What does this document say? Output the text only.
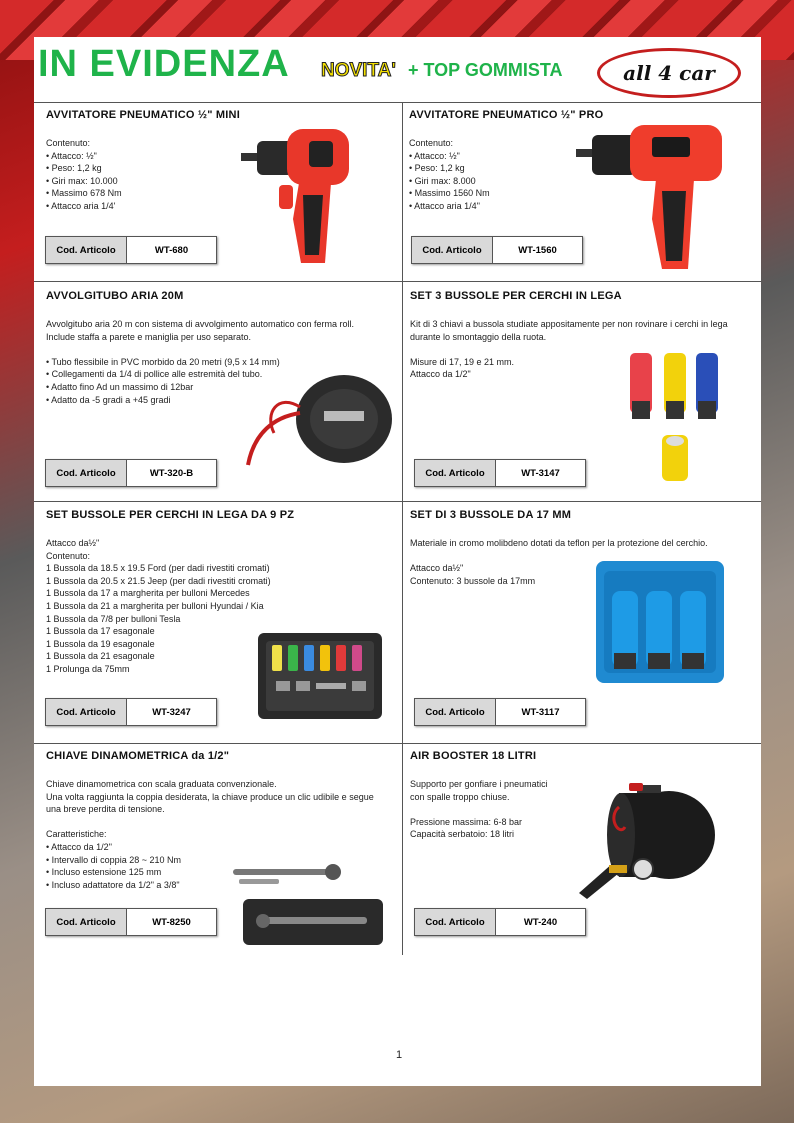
IN EVIDENZA NOVITA' + TOP GOMMISTA	all 4 car
AVVITATORE PNEUMATICO ½" MINI
Contenuto:
• Attacco: ½"
• Peso: 1,2 kg
• Giri max: 10.000
• Massimo 678 Nm
• Attacco aria 1/4'
Cod. Articolo	WT-680
AVVITATORE PNEUMATICO ½" PRO
Contenuto:
• Attacco: ½"
• Peso: 1,2 kg
• Giri max: 8.000
• Massimo 1560 Nm
• Attacco aria 1/4"
Cod. Articolo	WT-1560
AVVOLGITUBO ARIA 20M
Avvolgitubo aria 20 m con sistema di avvolgimento automatico con ferma roll.
Include staffa a parete e maniglia per uso separato.

• Tubo flessibile in PVC morbido da 20 metri (9,5 x 14 mm)
• Collegamenti da 1/4 di pollice alle estremità del tubo.
• Adatto fino Ad un massimo di 12bar
• Adatto da -5 gradi a +45 gradi
Cod. Articolo	WT-320-B
SET 3 BUSSOLE PER CERCHI IN LEGA
Kit di 3 chiavi a bussola studiate appositamente per non rovinare i cerchi in lega durante lo smontaggio della ruota.

Misure di 17, 19 e 21 mm.
Attacco da 1/2"
Cod. Articolo	WT-3147
SET BUSSOLE PER CERCHI IN LEGA DA 9 PZ
Attacco da½"
Contenuto:
1 Bussola da 18.5 x 19.5 Ford (per dadi rivestiti cromati)
1 Bussola da 20.5 x 21.5 Jeep (per dadi rivestiti cromati)
1 Bussola da 17 a margherita per bulloni Mercedes
1 Bussola da 21 a margherita per bulloni Hyundai / Kia
1 Bussola da 7/8 per bulloni Tesla
1 Bussola da 17 esagonale
1 Bussola da 19 esagonale
1 Bussola da 21 esagonale
1 Prolunga da 75mm
Cod. Articolo	WT-3247
SET DI 3 BUSSOLE DA 17 MM
Materiale in cromo molibdeno dotati da teflon per la protezione del cerchio.

Attacco da½"
Contenuto: 3 bussole da 17mm
Cod. Articolo	WT-3117
CHIAVE DINAMOMETRICA da 1/2"
Chiave dinamometrica con scala graduata convenzionale.
Una volta raggiunta la coppia desiderata, la chiave produce un clic udibile e segue una breve perdita di tensione.

Caratteristiche:
• Attacco da 1/2"
• Intervallo di coppia 28 ~ 210 Nm
• Incluso estensione 125 mm
• Incluso adattatore da 1/2" a 3/8"
Cod. Articolo	WT-8250
AIR BOOSTER 18 LITRI
Supporto per gonfiare i pneumatici
con spalle troppo chiuse.

Pressione massima: 6-8 bar
Capacità serbatoio: 18 litri
Cod. Articolo	WT-240
1
